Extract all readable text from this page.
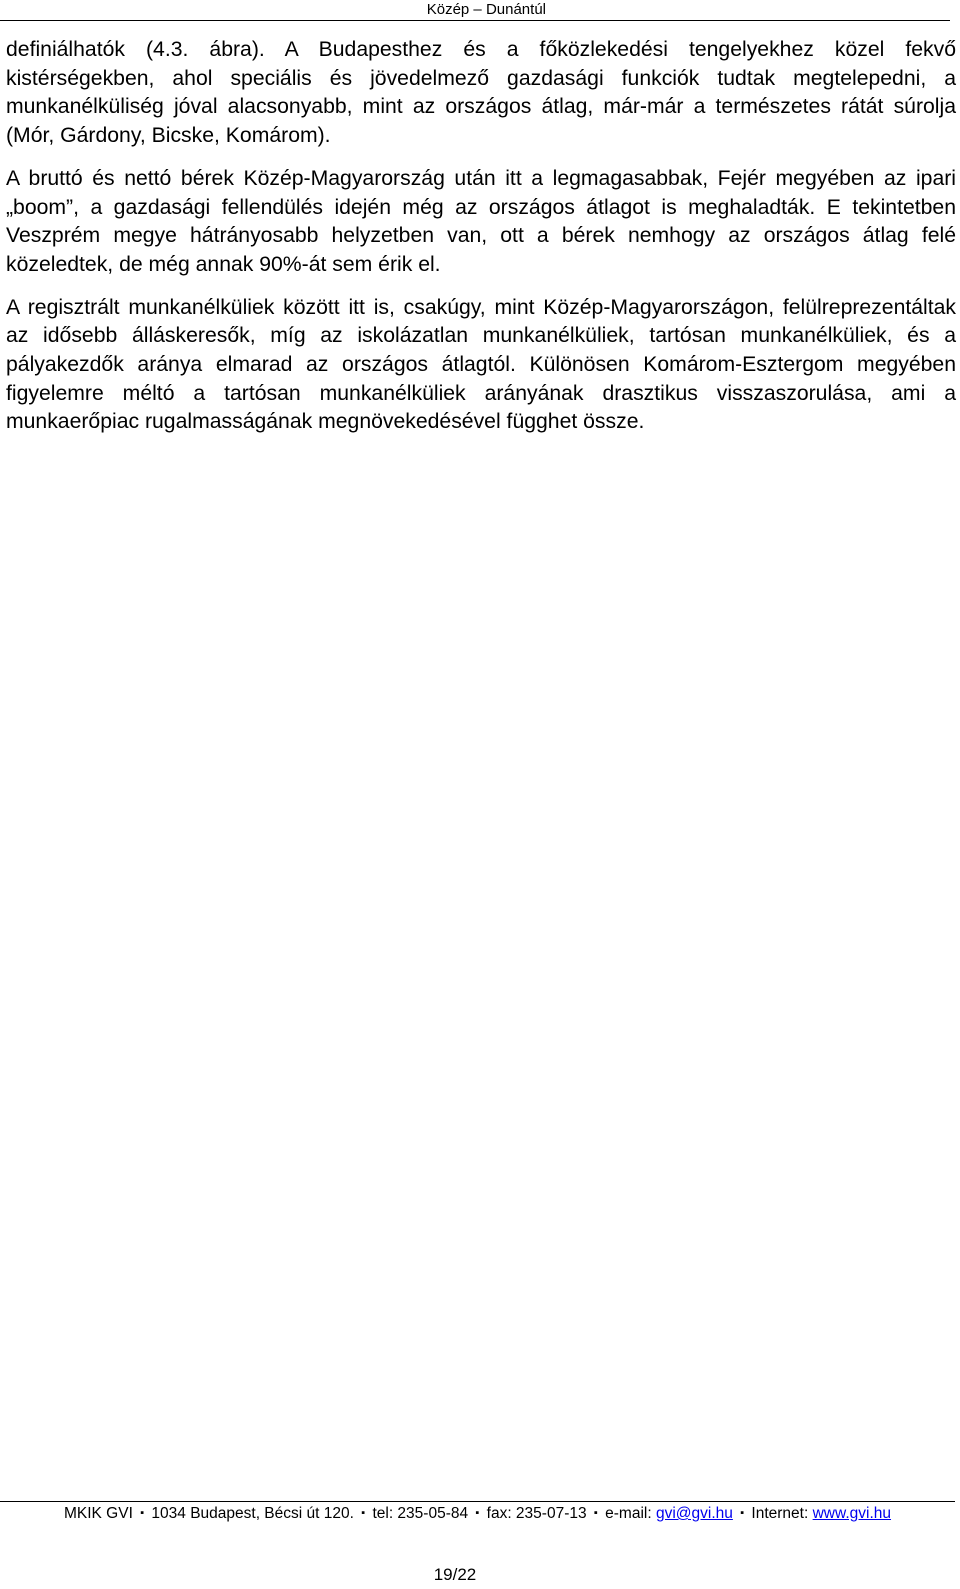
Közép – Dunántúl

definiálhatók (4.3. ábra). A Budapesthez és a főközlekedési tengelyekhez közel fekvő kistérségekben, ahol speciális és jövedelmező gazdasági funkciók tudtak megtelepedni, a munkanélküliség jóval alacsonyabb, mint az országos átlag, már-már a természetes rátát súrolja (Mór, Gárdony, Bicske, Komárom).

A bruttó és nettó bérek Közép-Magyarország után itt a legmagasabbak, Fejér megyében az ipari „boom”, a gazdasági fellendülés idején még az országos átlagot is meghaladták. E tekintetben Veszprém megye hátrányosabb helyzetben van, ott a bérek nemhogy az országos átlag felé közeledtek, de még annak 90%-át sem érik el.

A regisztrált munkanélküliek között itt is, csakúgy, mint Közép-Magyarországon, felülreprezentáltak az idősebb álláskeresők, míg az iskolázatlan munkanélküliek, tartósan munkanélküliek, és a pályakezdők aránya elmarad az országos átlagtól. Különösen Komárom-Esztergom megyében figyelemre méltó a tartósan munkanélküliek arányának drasztikus visszaszorulása, ami a munkaerőpiac rugalmasságának megnövekedésével függhet össze.

MKIK GVI ▪ 1034 Budapest, Bécsi út 120. ▪ tel: 235-05-84 ▪ fax: 235-07-13 ▪ e-mail: gvi@gvi.hu ▪ Internet: www.gvi.hu
19/22
